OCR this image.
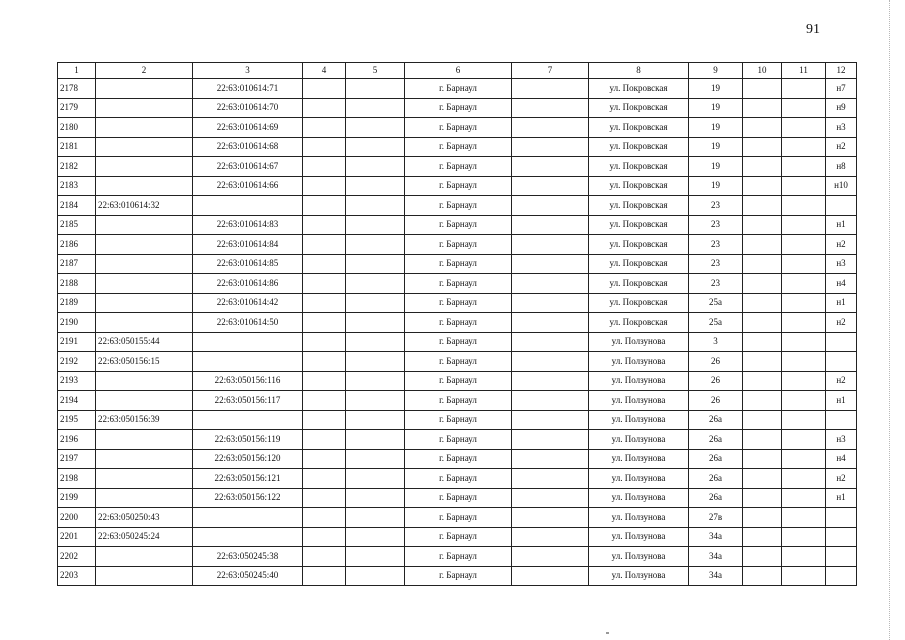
91
1	2	3	4	5	6	7	8	9	10	11	12
2178		22:63:010614:71			г. Барнаул		ул. Покровская	19			н7
2179		22:63:010614:70			г. Барнаул		ул. Покровская	19			н9
2180		22:63:010614:69			г. Барнаул		ул. Покровская	19			н3
2181		22:63:010614:68			г. Барнаул		ул. Покровская	19			н2
2182		22:63:010614:67			г. Барнаул		ул. Покровская	19			н8
2183		22:63:010614:66			г. Барнаул		ул. Покровская	19			н10
2184	22:63:010614:32				г. Барнаул		ул. Покровская	23			
2185		22:63:010614:83			г. Барнаул		ул. Покровская	23			н1
2186		22:63:010614:84			г. Барнаул		ул. Покровская	23			н2
2187		22:63:010614:85			г. Барнаул		ул. Покровская	23			н3
2188		22:63:010614:86			г. Барнаул		ул. Покровская	23			н4
2189		22:63:010614:42			г. Барнаул		ул. Покровская	25а			н1
2190		22:63:010614:50			г. Барнаул		ул. Покровская	25а			н2
2191	22:63:050155:44				г. Барнаул		ул. Ползунова	3			
2192	22:63:050156:15				г. Барнаул		ул. Ползунова	26			
2193		22:63:050156:116			г. Барнаул		ул. Ползунова	26			н2
2194		22:63:050156:117			г. Барнаул		ул. Ползунова	26			н1
2195	22:63:050156:39				г. Барнаул		ул. Ползунова	26а			
2196		22:63:050156:119			г. Барнаул		ул. Ползунова	26а			н3
2197		22:63:050156:120			г. Барнаул		ул. Ползунова	26а			н4
2198		22:63:050156:121			г. Барнаул		ул. Ползунова	26а			н2
2199		22:63:050156:122			г. Барнаул		ул. Ползунова	26а			н1
2200	22:63:050250:43				г. Барнаул		ул. Ползунова	27в			
2201	22:63:050245:24				г. Барнаул		ул. Ползунова	34а			
2202		22:63:050245:38			г. Барнаул		ул. Ползунова	34а			
2203		22:63:050245:40			г. Барнаул		ул. Ползунова	34а			
